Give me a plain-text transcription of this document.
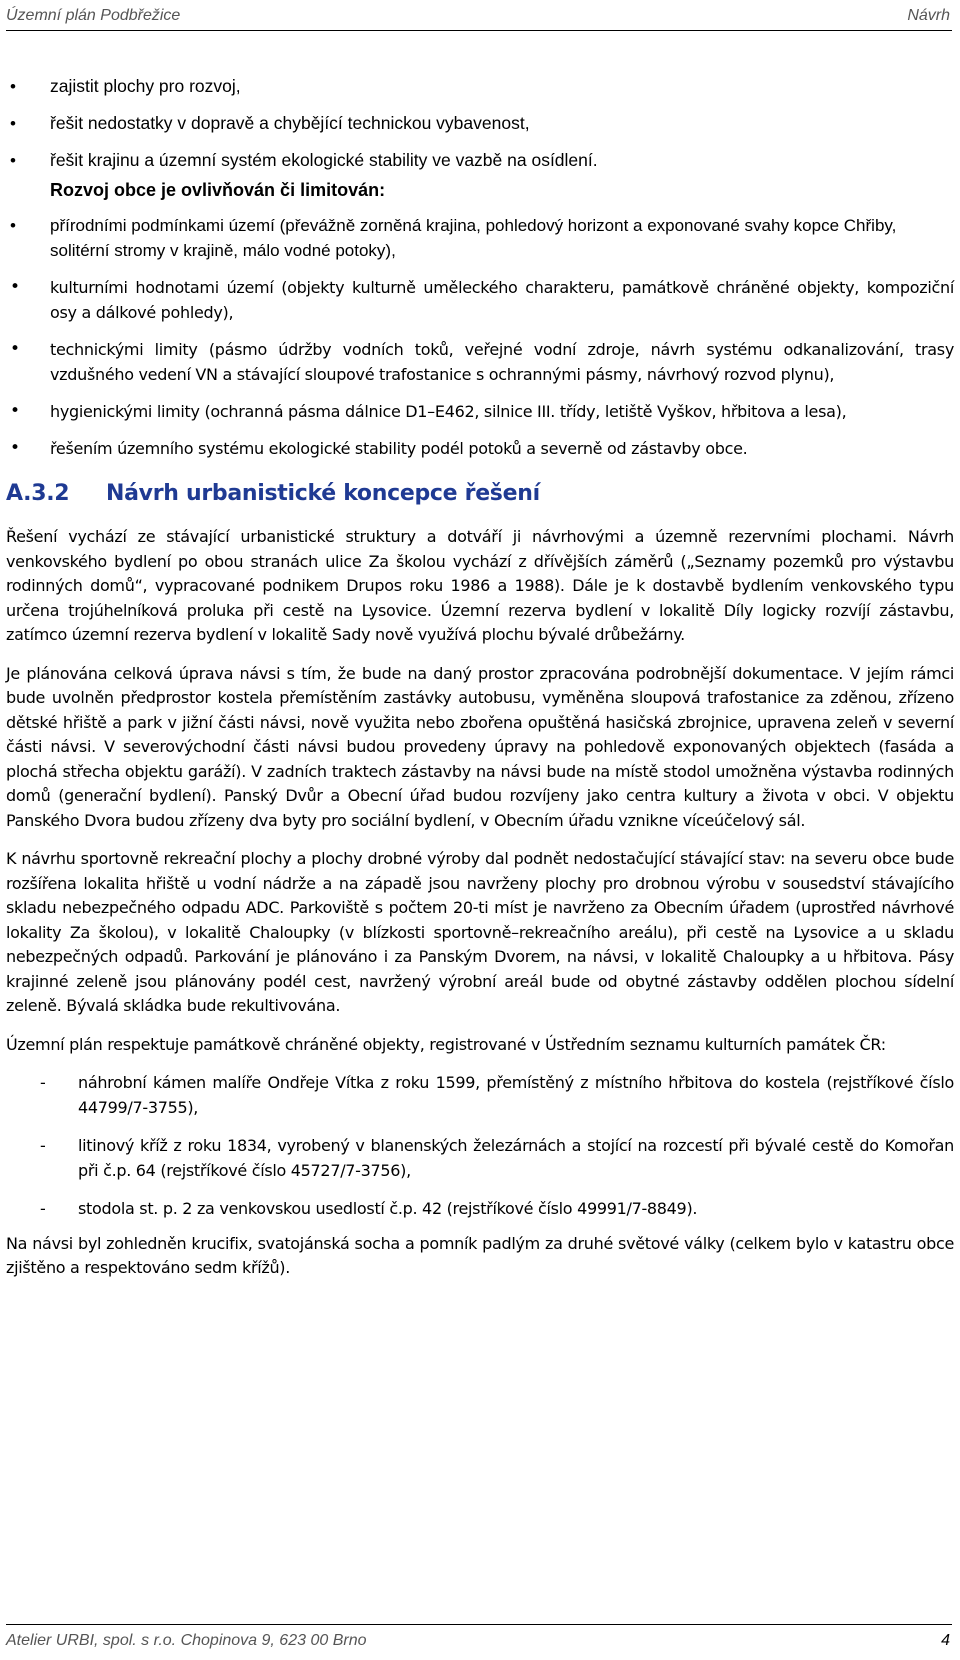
Územní plán Podbřežice	Návrh
• zajistit plochy pro rozvoj,
• řešit nedostatky v dopravě a chybějící technickou vybavenost,
• řešit krajinu a územní systém ekologické stability ve vazbě na osídlení.

Rozvoj obce je ovlivňován či limitován:

• přírodními podmínkami území (převážně zorněná krajina, pohledový horizont a exponované svahy kopce Chřiby, solitérní stromy v krajině, málo vodné potoky),
• kulturními hodnotami území (objekty kulturně uměleckého charakteru, památkově chráněné objekty, kompoziční osy a dálkové pohledy),
• technickými limity (pásmo údržby vodních toků, veřejné vodní zdroje, návrh systému odkanalizování, trasy vzdušného vedení VN a stávající sloupové trafostanice s ochrannými pásmy, návrhový rozvod plynu),
• hygienickými limity (ochranná pásma dálnice D1–E462, silnice III. třídy, letiště Vyškov, hřbitova a lesa),
• řešením územního systému ekologické stability podél potoků a severně od zástavby obce.
A.3.2 Návrh urbanistické koncepce řešení

Řešení vychází ze stávající urbanistické struktury a dotváří ji návrhovými a územně rezervními plochami. Návrh venkovského bydlení po obou stranách ulice Za školou vychází z dřívějších záměrů („Seznamy pozemků pro výstavbu rodinných domů“, vypracované podnikem Drupos roku 1986 a 1988). Dále je k dostavbě bydlením venkovského typu určena trojúhelníková proluka při cestě na Lysovice. Územní rezerva bydlení v lokalitě Díly logicky rozvíjí zástavbu, zatímco územní rezerva bydlení v lokalitě Sady nově využívá plochu bývalé drůbežárny.

Je plánována celková úprava návsi s tím, že bude na daný prostor zpracována podrobnější dokumentace. V jejím rámci bude uvolněn předprostor kostela přemístěním zastávky autobusu, vyměněna sloupová trafostanice za zděnou, zřízeno dětské hřiště a park v jižní části návsi, nově využita nebo zbořena opuštěná hasičská zbrojnice, upravena zeleň v severní části návsi. V severovýchodní části návsi budou provedeny úpravy na pohledově exponovaných objektech (fasáda a plochá střecha objektu garáží). V zadních traktech zástavby na návsi bude na místě stodol umožněna výstavba rodinných domů (generační bydlení). Panský Dvůr a Obecní úřad budou rozvíjeny jako centra kultury a života v obci. V objektu Panského Dvora budou zřízeny dva byty pro sociální bydlení, v Obecním úřadu vznikne víceúčelový sál.

K návrhu sportovně rekreační plochy a plochy drobné výroby dal podnět nedostačující stávající stav: na severu obce bude rozšířena lokalita hřiště u vodní nádrže a na západě jsou navrženy plochy pro drobnou výrobu v sousedství stávajícího skladu nebezpečného odpadu ADC. Parkoviště s počtem 20-ti míst je navrženo za Obecním úřadem (uprostřed návrhové lokality Za školou), v lokalitě Chaloupky (v blízkosti sportovně–rekreačního areálu), při cestě na Lysovice a u skladu nebezpečných odpadů. Parkování je plánováno i za Panským Dvorem, na návsi, v lokalitě Chaloupky a u hřbitova. Pásy krajinné zeleně jsou plánovány podél cest, navržený výrobní areál bude od obytné zástavby oddělen plochou sídelní zeleně. Bývalá skládka bude rekultivována.

Územní plán respektuje památkově chráněné objekty, registrované v Ústředním seznamu kulturních památek ČR:

- náhrobní kámen malíře Ondřeje Vítka z roku 1599, přemístěný z místního hřbitova do kostela (rejstříkové číslo 44799/7-3755),
- litinový kříž z roku 1834, vyrobený v blanenských železárnách a stojící na rozcestí při bývalé cestě do Komořan při č.p. 64 (rejstříkové číslo 45727/7-3756),
- stodola st. p. 2 za venkovskou usedlostí č.p. 42 (rejstříkové číslo 49991/7-8849).

Na návsi byl zohledněn krucifix, svatojánská socha a pomník padlým za druhé světové války (celkem bylo v katastru obce zjištěno a respektováno sedm křížů).

Atelier URBI, spol. s r.o. Chopinova 9, 623 00 Brno	4
